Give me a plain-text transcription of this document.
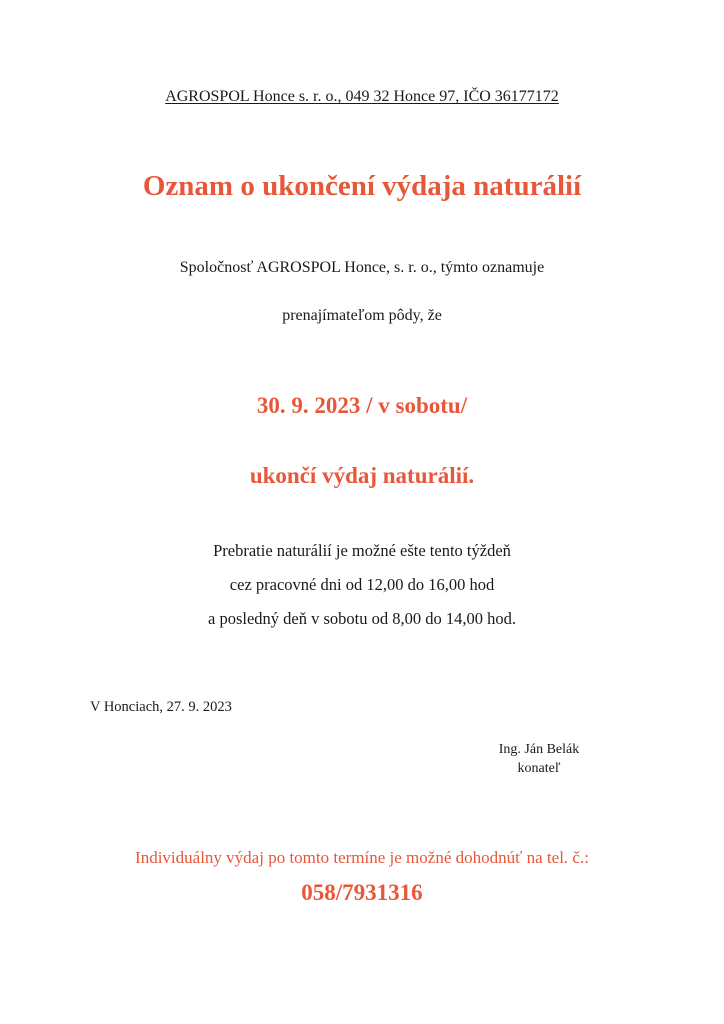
AGROSPOL Honce s. r. o., 049 32 Honce 97, IČO 36177172

Oznam o ukončení výdaja naturálií

Spoločnosť AGROSPOL Honce, s. r. o., týmto oznamuje

prenajímateľom pôdy, že

30. 9. 2023 / v sobotu/

ukončí výdaj naturálií.

Prebratie naturálií je možné ešte tento týždeň

cez pracovné dni od 12,00 do 16,00 hod

a posledný deň v sobotu od 8,00 do 14,00 hod.

V Honciach, 27. 9. 2023
Ing. Ján Belák
konateľ

Individuálny výdaj po tomto termíne je možné dohodnúť na tel. č.:

058/7931316
